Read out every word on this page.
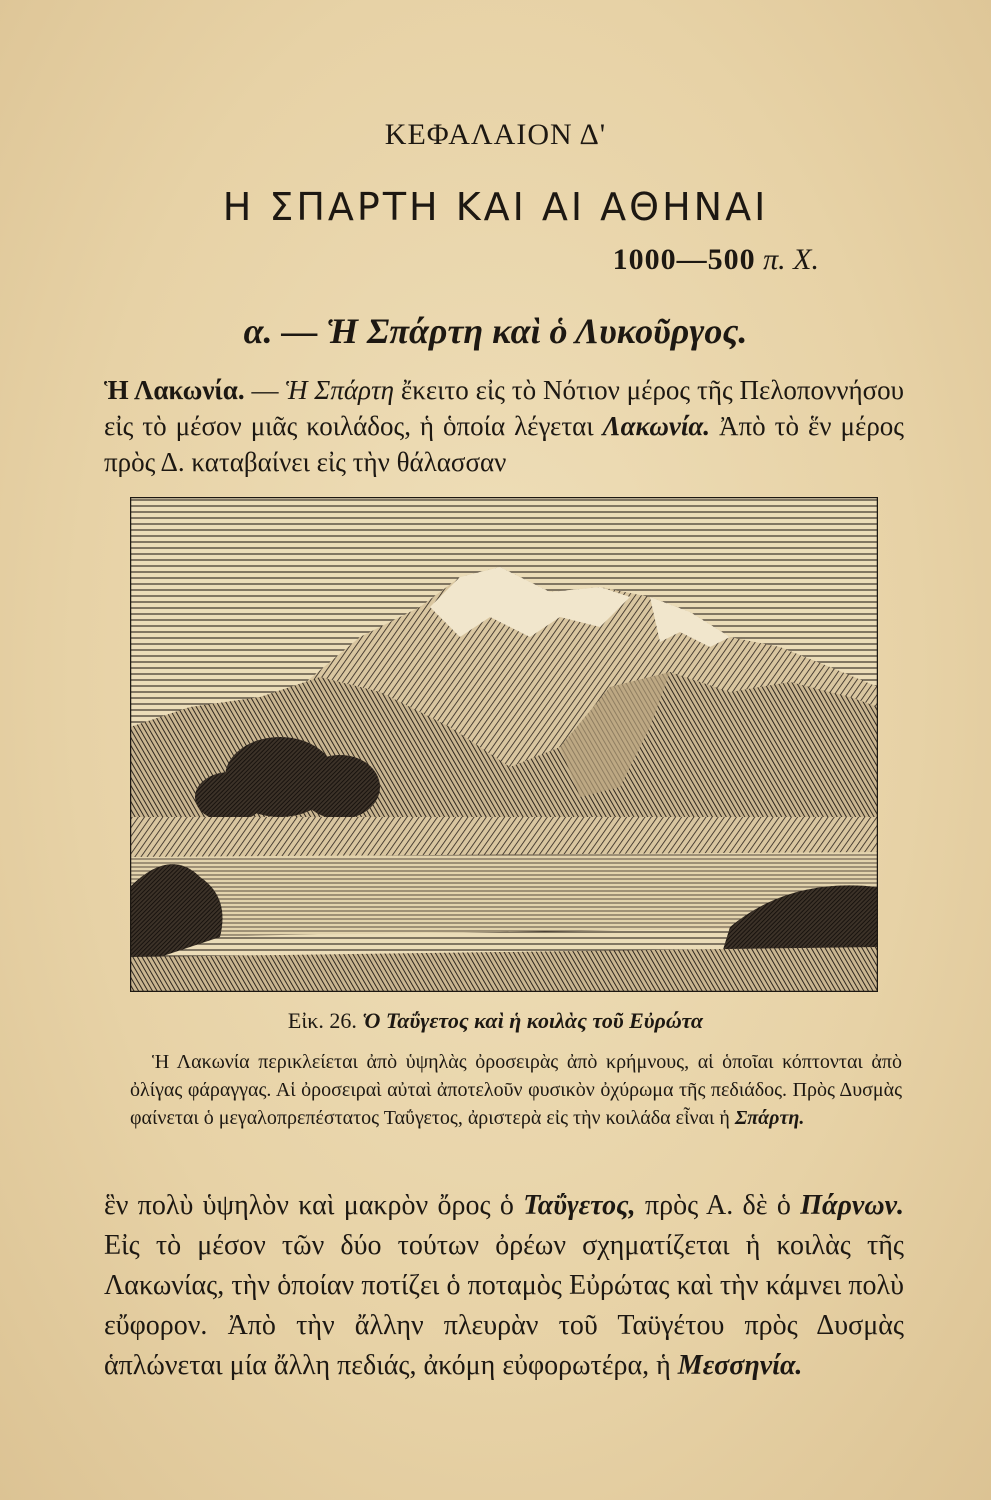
ΚΕΦΑΛΑΙΟΝ Δ'
Η ΣΠΑΡΤΗ ΚΑΙ ΑΙ ΑΘΗΝΑΙ
1000—500 π. Χ.
α. — Ἡ Σπάρτη καὶ ὁ Λυκοῦργος.

Ἡ Λακωνία. — Ἡ Σπάρτη ἔκειτο εἰς τὸ Νότιον μέρος τῆς Πελοποννήσου εἰς τὸ μέσον μιᾶς κοιλάδος, ἡ ὁποία λέγεται Λακωνία. Ἀπὸ τὸ ἕν μέρος πρὸς Δ. καταβαίνει εἰς τὴν θάλασσαν

Εἰκ. 26. Ὁ Ταΰγετος καὶ ἡ κοιλὰς τοῦ Εὐρώτα

Ἡ Λακωνία περικλείεται ἀπὸ ὑψηλὰς ὀροσειρὰς ἀπὸ κρήμνους, αἱ ὁποῖαι κόπτονται ἀπὸ ὀλίγας φάραγγας. Αἱ ὀροσειραὶ αὐταὶ ἀποτελοῦν φυσικὸν ὀχύρωμα τῆς πεδιάδος. Πρὸς Δυσμὰς φαίνεται ὁ μεγαλοπρεπέστατος Ταΰγετος, ἀριστερὰ εἰς τὴν κοιλάδα εἶναι ἡ Σπάρτη.

ἓν πολὺ ὑψηλὸν καὶ μακρὸν ὄρος ὁ Ταΰγετος, πρὸς Α. δὲ ὁ Πάρνων. Εἰς τὸ μέσον τῶν δύο τούτων ὀρέων σχηματίζεται ἡ κοιλὰς τῆς Λακωνίας, τὴν ὁποίαν ποτίζει ὁ ποταμὸς Εὐρώτας καὶ τὴν κάμνει πολὺ εὔφορον. Ἀπὸ τὴν ἄλλην πλευρὰν τοῦ Ταϋγέτου πρὸς Δυσμὰς ἁπλώνεται μία ἄλλη πεδιάς, ἀκόμη εὐφορωτέρα, ἡ Μεσσηνία.
